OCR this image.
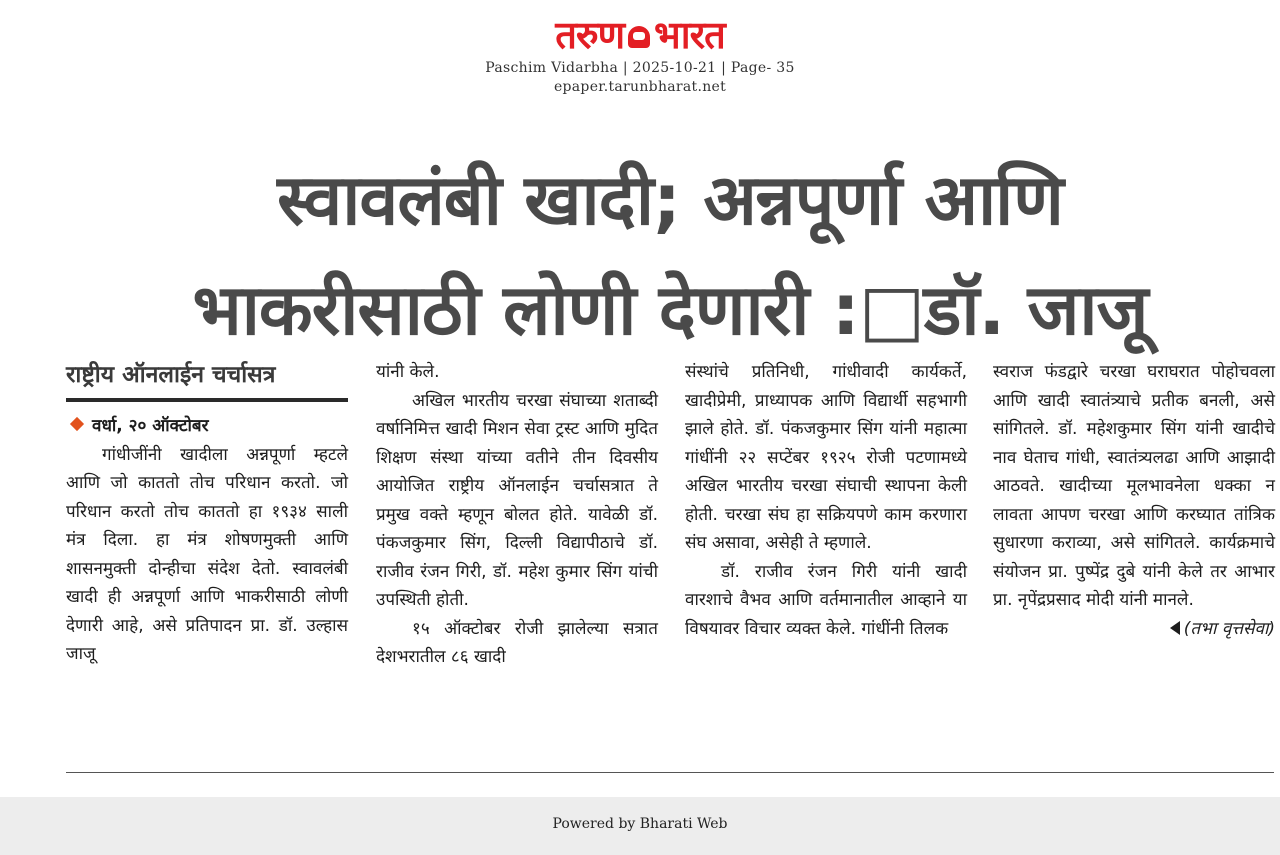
तरुण भारत
Paschim Vidarbha | 2025-10-21 | Page- 35
epaper.tarunbharat.net
स्वावलंबी खादी; अन्नपूर्णा आणि
भाकरीसाठी लोणी देणारी :□डॉ. जाजू
राष्ट्रीय ऑनलाईन चर्चासत्र

वर्धा, २० ऑक्टोबर

गांधीजींनी खादीला अन्नपूर्णा म्हटले आणि जो काततो तोच परिधान करतो. जो परिधान करतो तोच काततो हा १९३४ साली मंत्र दिला. हा मंत्र शोषणमुक्ती आणि शासनमुक्ती दोन्हीचा संदेश देतो. स्वावलंबी खादी ही अन्नपूर्णा आणि भाकरीसाठी लोणी देणारी आहे, असे प्रतिपादन प्रा. डॉ. उल्हास जाजू

यांनी केले.

अखिल भारतीय चरखा संघाच्या शताब्दी वर्षानिमित्त खादी मिशन सेवा ट्रस्ट आणि मुदित शिक्षण संस्था यांच्या वतीने तीन दिवसीय आयोजित राष्ट्रीय ऑनलाईन चर्चासत्रात ते प्रमुख वक्ते म्हणून बोलत होते. यावेळी डॉ. पंकजकुमार सिंग, दिल्ली विद्यापीठाचे डॉ. राजीव रंजन गिरी, डॉ. महेश कुमार सिंग यांची उपस्थिती होती.

१५ ऑक्टोबर रोजी झालेल्या सत्रात देशभरातील ८६ खादी

संस्थांचे प्रतिनिधी, गांधीवादी कार्यकर्ते, खादीप्रेमी, प्राध्यापक आणि विद्यार्थी सहभागी झाले होते. डॉ. पंकजकुमार सिंग यांनी महात्मा गांधींनी २२ सप्टेंबर १९२५ रोजी पटणामध्ये अखिल भारतीय चरखा संघाची स्थापना केली होती. चरखा संघ हा सक्रियपणे काम करणारा संघ असावा, असेही ते म्हणाले.

डॉ. राजीव रंजन गिरी यांनी खादी वारशाचे वैभव आणि वर्तमानातील आव्हाने या विषयावर विचार व्यक्त केले. गांधींनी तिलक

स्वराज फंडद्वारे चरखा घराघरात पोहोचवला आणि खादी स्वातंत्र्याचे प्रतीक बनली, असे सांगितले. डॉ. महेशकुमार सिंग यांनी खादीचे नाव घेताच गांधी, स्वातंत्र्यलढा आणि आझादी आठवते. खादीच्या मूलभावनेला धक्का न लावता आपण चरखा आणि करघ्यात तांत्रिक सुधारणा कराव्या, असे सांगितले. कार्यक्रमाचे संयोजन प्रा. पुष्पेंद्र दुबे यांनी केले तर आभार प्रा. नृपेंद्रप्रसाद मोदी यांनी मानले.

(तभा वृत्तसेवा)

Powered by Bharati Web
